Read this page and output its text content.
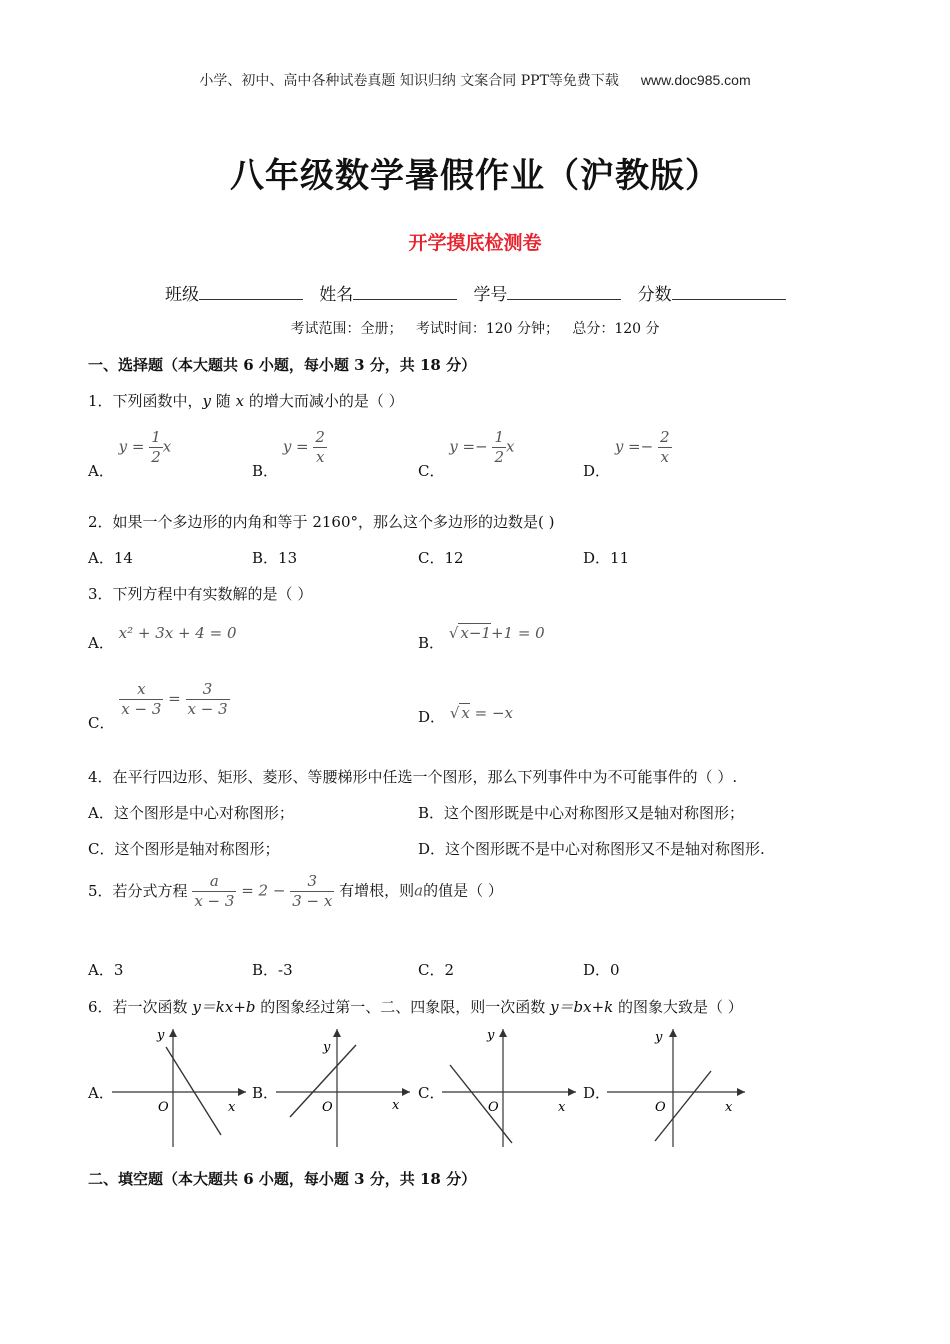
小学、初中、高中各种试卷真题 知识归纳 文案合同 PPT等免费下载 www.doc985.com
八年级数学暑假作业（沪教版）
开学摸底检测卷
班级	姓名	学号	分数
考试范围：全册；   考试时间：120 分钟；   总分：120 分
一、选择题（本大题共 6 小题，每小题 3 分，共 18 分）
1．下列函数中，y 随 x 的增大而减小的是（ ）
A． $y = \frac{1}{2}$ x
B． $y = \frac{2}{x}$
C． $y =- \frac{1}{2}$ x
D． $y =- \frac{2}{x}$
2．如果一个多边形的内角和等于 2160°，那么这个多边形的边数是( )
A．14	B．13	C．12	D．11
3．下列方程中有实数解的是（ ）
A． x² + 3x + 4 = 0
B． √ x−1+1 = 0
C．
$\frac{x}{x - 3} = \frac{3}{x - 3}$	D． √ x = −x
4．在平行四边形、矩形、菱形、等腰梯形中任选一个图形，那么下列事件中为不可能事件的（ ）.
A．这个图形是中心对称图形；	B．这个图形既是中心对称图形又是轴对称图形；
C．这个图形是轴对称图形；	D．这个图形既不是中心对称图形又不是轴对称图形.
5．若分式方程 $\frac{a}{x - 3} = 2 - \frac{3}{3 - x}$ 有增根，则a的值是（ ）
A．3	B．-3	C．2	D．0
6．若一次函数 y＝kx+b 的图象经过第一、二、四象限，则一次函数 y＝bx+k 的图象大致是（ ）
A．
y
x
O
B．
y
x
O
C．
y
x
O
D．
y
x
O
二、填空题（本大题共 6 小题，每小题 3 分，共 18 分）
